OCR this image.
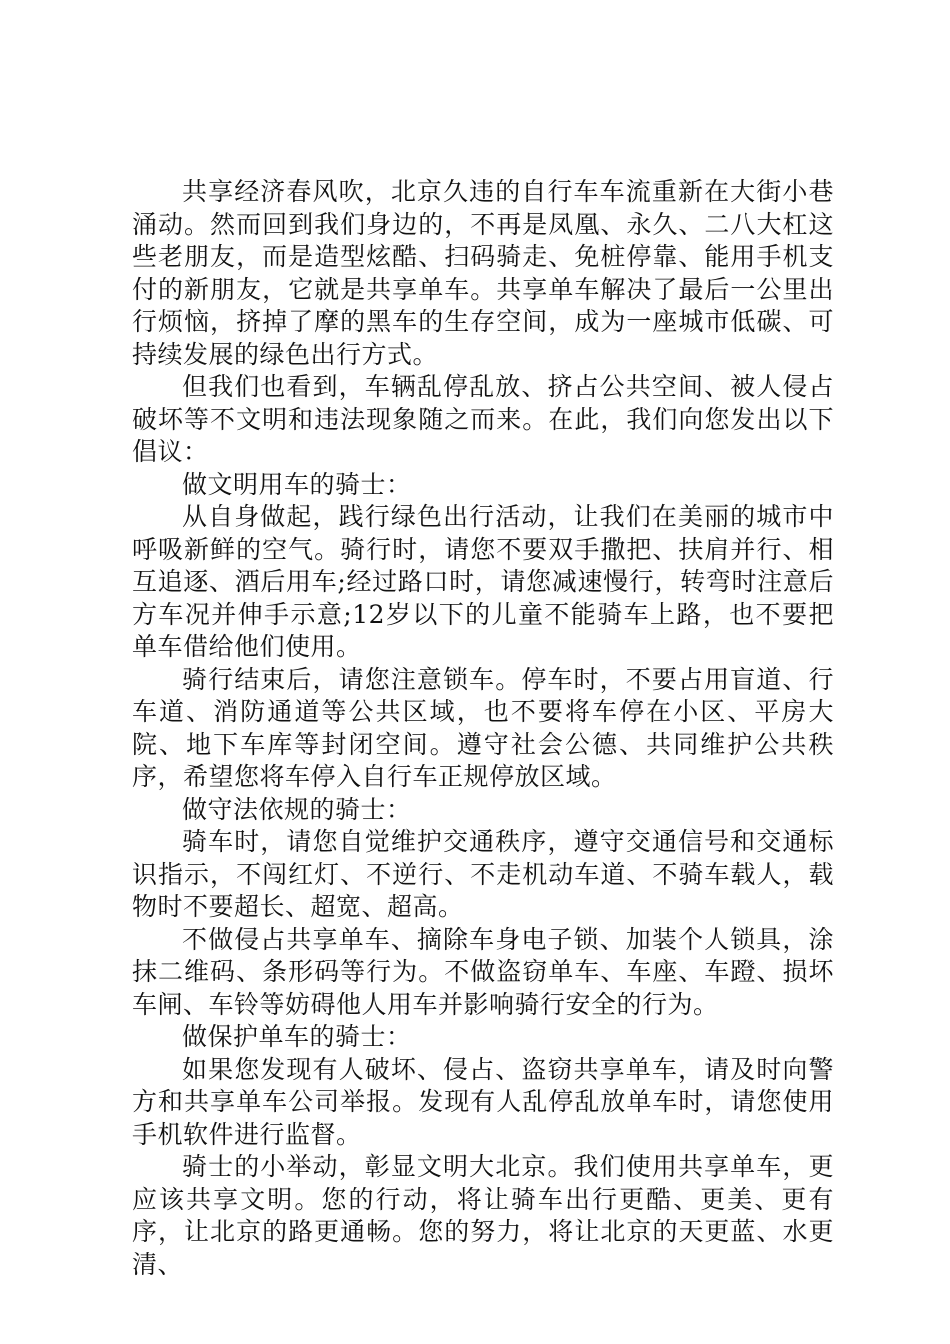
共享经济春风吹，北京久违的自行车车流重新在大街小巷涌动。然而回到我们身边的，不再是凤凰、永久、二八大杠这些老朋友，而是造型炫酷、扫码骑走、免桩停靠、能用手机支付的新朋友，它就是共享单车。共享单车解决了最后一公里出行烦恼，挤掉了摩的黑车的生存空间，成为一座城市低碳、可持续发展的绿色出行方式。

但我们也看到，车辆乱停乱放、挤占公共空间、被人侵占破坏等不文明和违法现象随之而来。在此，我们向您发出以下倡议：

做文明用车的骑士：

从自身做起，践行绿色出行活动，让我们在美丽的城市中呼吸新鲜的空气。骑行时，请您不要双手撒把、扶肩并行、相互追逐、酒后用车;经过路口时，请您减速慢行，转弯时注意后方车况并伸手示意;12岁以下的儿童不能骑车上路，也不要把单车借给他们使用。

骑行结束后，请您注意锁车。停车时，不要占用盲道、行车道、消防通道等公共区域，也不要将车停在小区、平房大院、地下车库等封闭空间。遵守社会公德、共同维护公共秩序，希望您将车停入自行车正规停放区域。

做守法依规的骑士：

骑车时，请您自觉维护交通秩序，遵守交通信号和交通标识指示，不闯红灯、不逆行、不走机动车道、不骑车载人，载物时不要超长、超宽、超高。

不做侵占共享单车、摘除车身电子锁、加装个人锁具，涂抹二维码、条形码等行为。不做盗窃单车、车座、车蹬、损坏车闸、车铃等妨碍他人用车并影响骑行安全的行为。

做保护单车的骑士：

如果您发现有人破坏、侵占、盗窃共享单车，请及时向警方和共享单车公司举报。发现有人乱停乱放单车时，请您使用手机软件进行监督。

骑士的小举动，彰显文明大北京。我们使用共享单车，更应该共享文明。您的行动，将让骑车出行更酷、更美、更有序，让北京的路更通畅。您的努力，将让北京的天更蓝、水更清、
